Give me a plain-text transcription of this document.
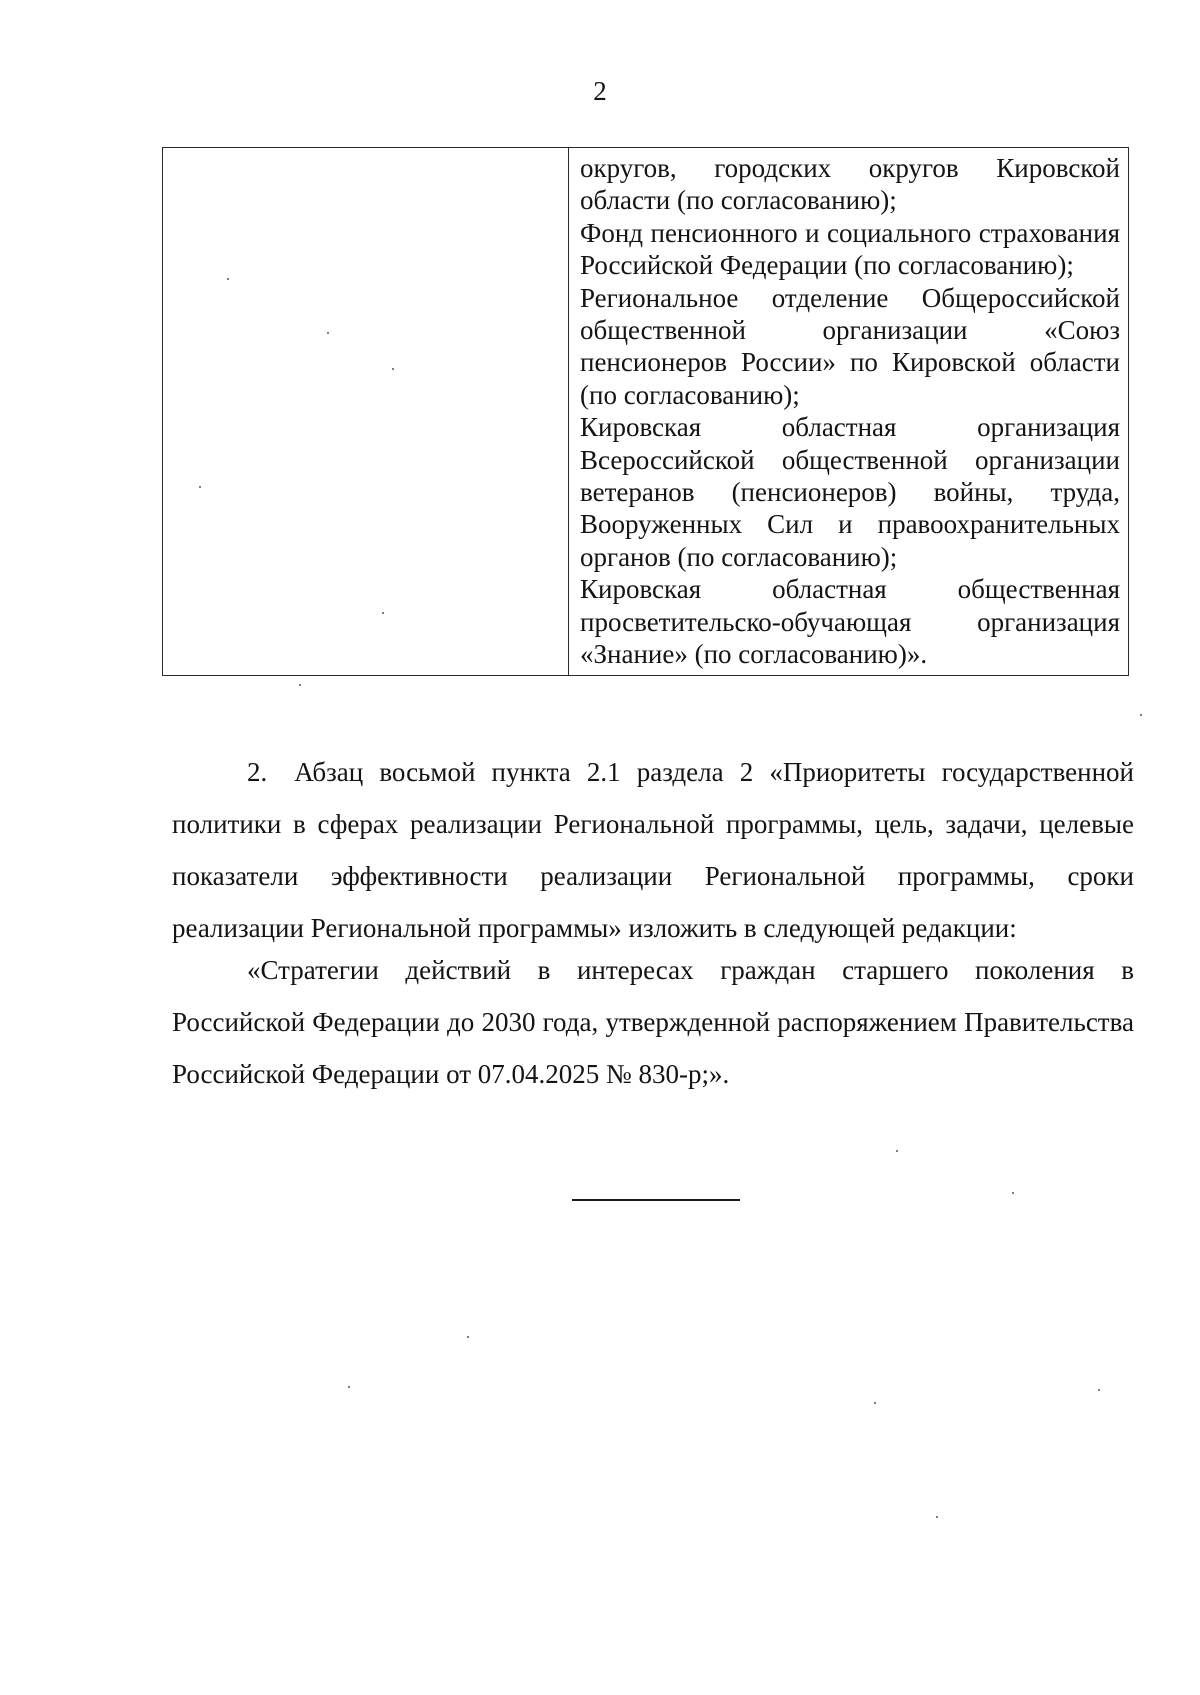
2

округов, городских округов Кировской области (по согласованию);
Фонд пенсионного и социального страхования Российской Федерации (по согласованию);
Региональное отделение Общероссийской общественной организации «Союз пенсионеров России» по Кировской области (по согласованию);
Кировская областная организация Всероссийской общественной организации ветеранов (пенсионеров) войны, труда, Вооруженных Сил и правоохранительных органов (по согласованию);
Кировская областная общественная просветительско-обучающая организация «Знание» (по согласованию)».

2. Абзац восьмой пункта 2.1 раздела 2 «Приоритеты государственной политики в сферах реализации Региональной программы, цель, задачи, целевые показатели эффективности реализации Региональной программы, сроки реализации Региональной программы» изложить в следующей редакции:

«Стратегии действий в интересах граждан старшего поколения в Российской Федерации до 2030 года, утвержденной распоряжением Правительства Российской Федерации от 07.04.2025 № 830-р;».
